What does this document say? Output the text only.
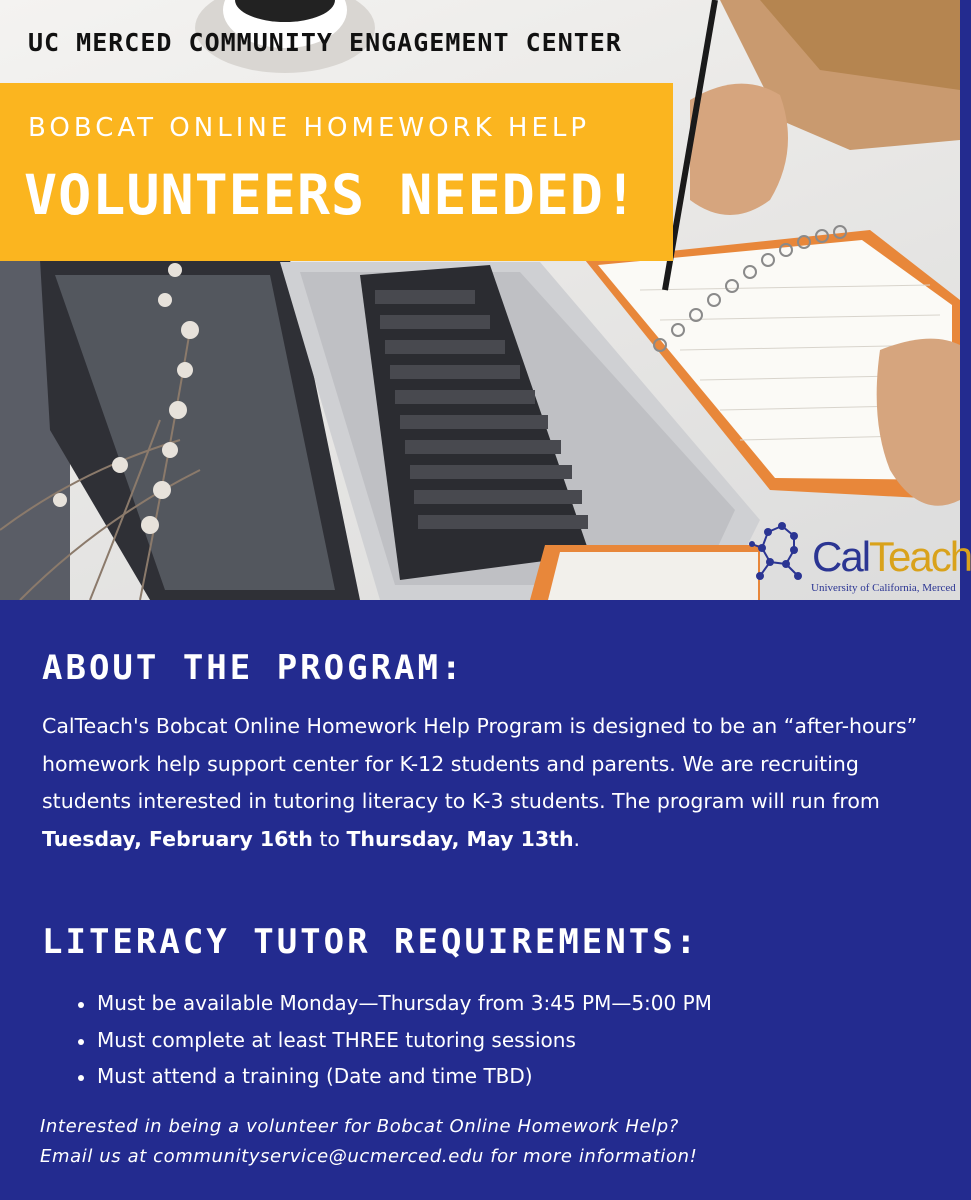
UC MERCED COMMUNITY ENGAGEMENT CENTER
BOBCAT ONLINE HOMEWORK HELP
VOLUNTEERS NEEDED!
CalTeach
University of California, Merced
ABOUT THE PROGRAM:

CalTeach's Bobcat Online Homework Help Program is designed to be an “after-hours” homework help support center for K-12 students and parents. We are recruiting students interested in tutoring literacy to K-3 students. The program will run from Tuesday, February 16th to Thursday, May 13th.

LITERACY TUTOR REQUIREMENTS:
Must be available Monday—Thursday from 3:45 PM—5:00 PM
Must complete at least THREE tutoring sessions
Must attend a training (Date and time TBD)
Interested in being a volunteer for Bobcat Online Homework Help?
Email us at communityservice@ucmerced.edu for more information!
